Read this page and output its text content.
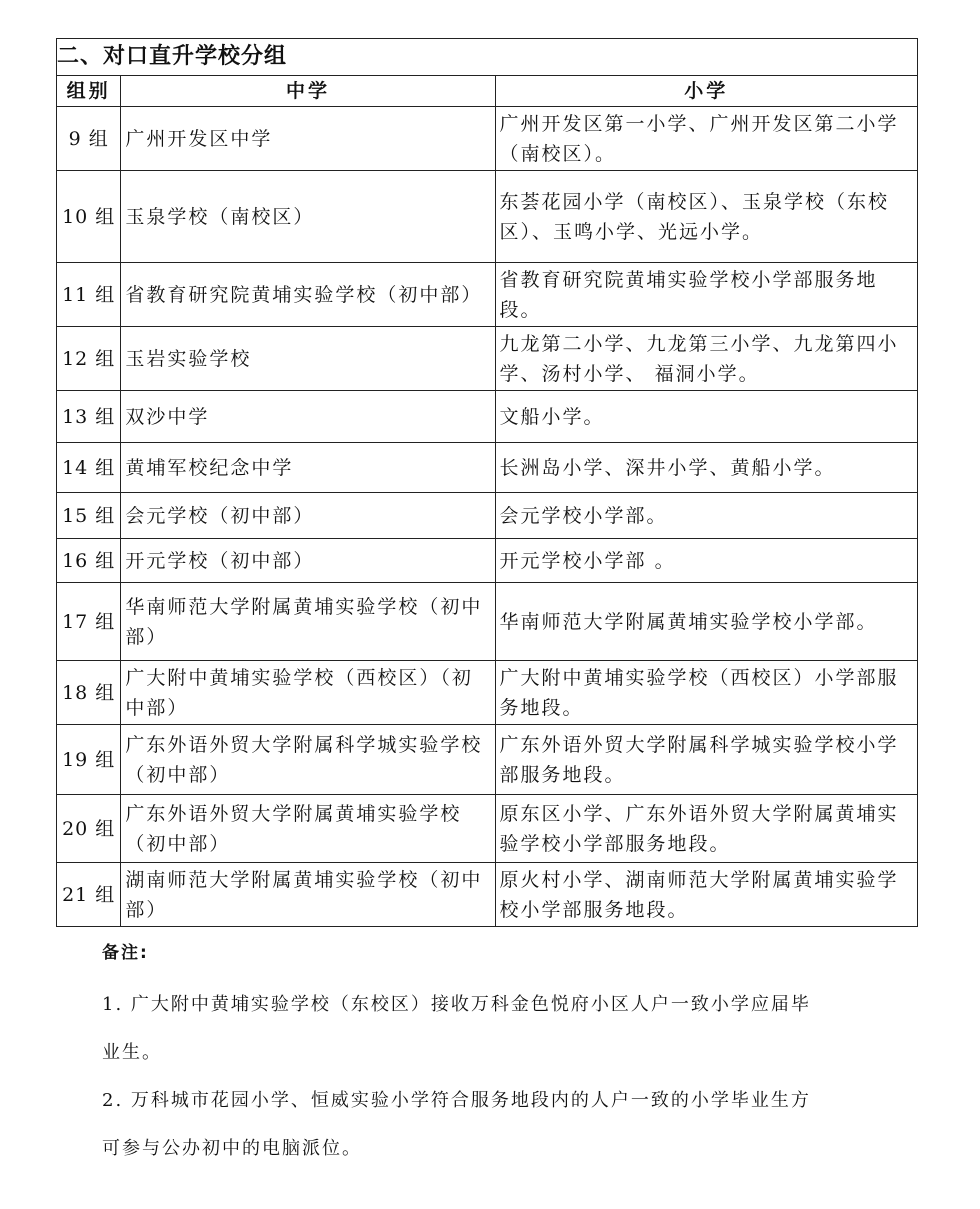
二、对口直升学校分组		
组别	中学	小学
9 组	广州开发区中学	广州开发区第一小学、广州开发区第二小学（南校区）。
10 组	玉泉学校（南校区）	东荟花园小学（南校区）、玉泉学校（东校区）、玉鸣小学、光远小学。
11 组	省教育研究院黄埔实验学校（初中部）	省教育研究院黄埔实验学校小学部服务地段。
12 组	玉岩实验学校	九龙第二小学、九龙第三小学、九龙第四小学、汤村小学、 福洞小学。
13 组	双沙中学	文船小学。
14 组	黄埔军校纪念中学	长洲岛小学、深井小学、黄船小学。
15 组	会元学校（初中部）	会元学校小学部。
16 组	开元学校（初中部）	开元学校小学部 。
17 组	华南师范大学附属黄埔实验学校（初中部）	华南师范大学附属黄埔实验学校小学部。
18 组	广大附中黄埔实验学校（西校区）（初中部）	广大附中黄埔实验学校（西校区）小学部服务地段。
19 组	广东外语外贸大学附属科学城实验学校（初中部）	广东外语外贸大学附属科学城实验学校小学部服务地段。
20 组	广东外语外贸大学附属黄埔实验学校（初中部）	原东区小学、广东外语外贸大学附属黄埔实验学校小学部服务地段。
21 组	湖南师范大学附属黄埔实验学校（初中部）	原火村小学、湖南师范大学附属黄埔实验学校小学部服务地段。
备注:

1. 广大附中黄埔实验学校（东校区）接收万科金色悦府小区人户一致小学应届毕

业生。

2. 万科城市花园小学、恒威实验小学符合服务地段内的人户一致的小学毕业生方

可参与公办初中的电脑派位。
